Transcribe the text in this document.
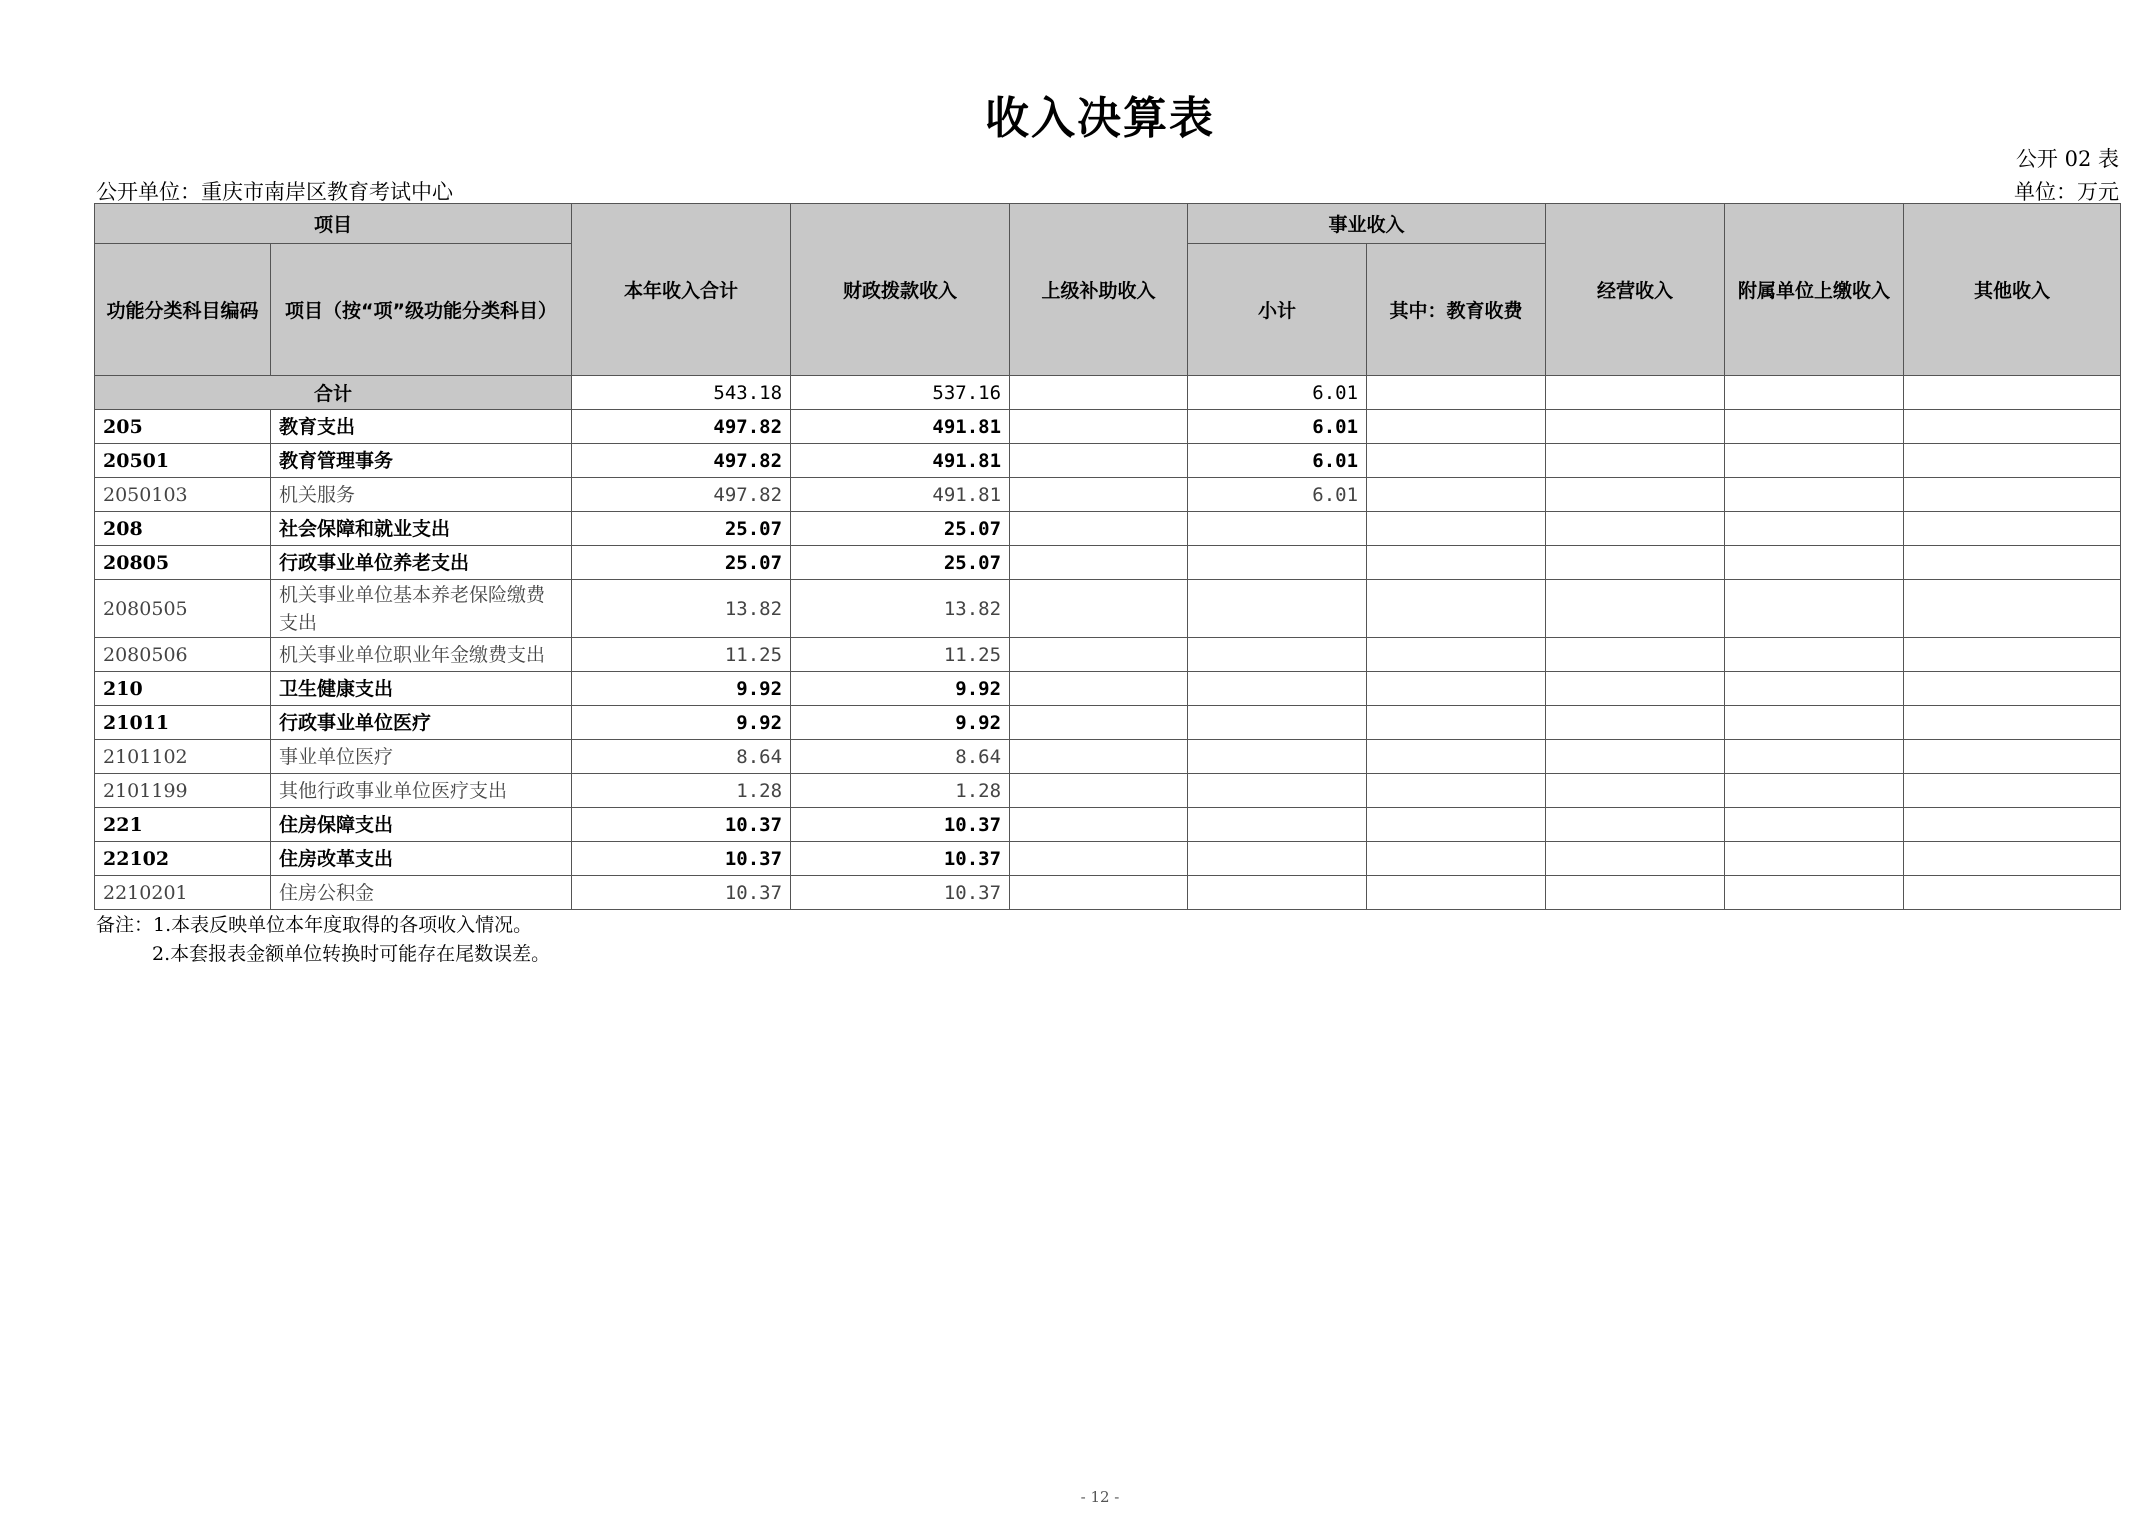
收入决算表
公开 02 表
公开单位：重庆市南岸区教育考试中心	单位：万元
项目		本年收入合计	财政拨款收入	上级补助收入	事业收入		经营收入	附属单位上缴收入	其他收入
功能分类科目编码	项目（按“项”级功能分类科目）				小计	其中：教育收费			
合计		543.18	537.16		6.01				
205	教育支出	497.82	491.81		6.01				
20501	教育管理事务	497.82	491.81		6.01				
2050103	机关服务	497.82	491.81		6.01				
208	社会保障和就业支出	25.07	25.07						
20805	行政事业单位养老支出	25.07	25.07						
2080505	机关事业单位基本养老保险缴费支出	13.82	13.82						
2080506	机关事业单位职业年金缴费支出	11.25	11.25						
210	卫生健康支出	9.92	9.92						
21011	行政事业单位医疗	9.92	9.92						
2101102	事业单位医疗	8.64	8.64						
2101199	其他行政事业单位医疗支出	1.28	1.28						
221	住房保障支出	10.37	10.37						
22102	住房改革支出	10.37	10.37						
2210201	住房公积金	10.37	10.37						
备注：1.本表反映单位本年度取得的各项收入情况。
2.本套报表金额单位转换时可能存在尾数误差。
- 12 -
